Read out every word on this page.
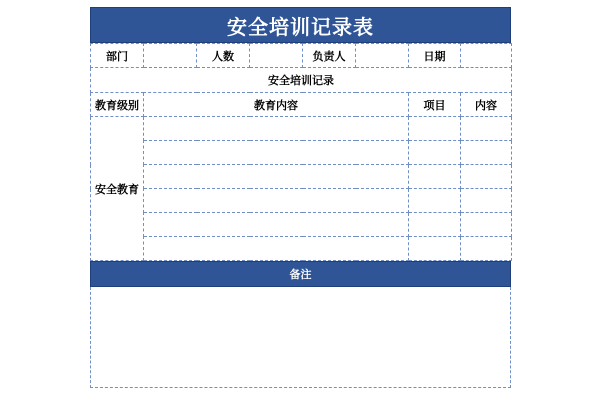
安全培训记录表
部门		人数		负责人		日期	
安全培训记录							
教育级别	教育内容					项目	内容
安全教育							

备注
